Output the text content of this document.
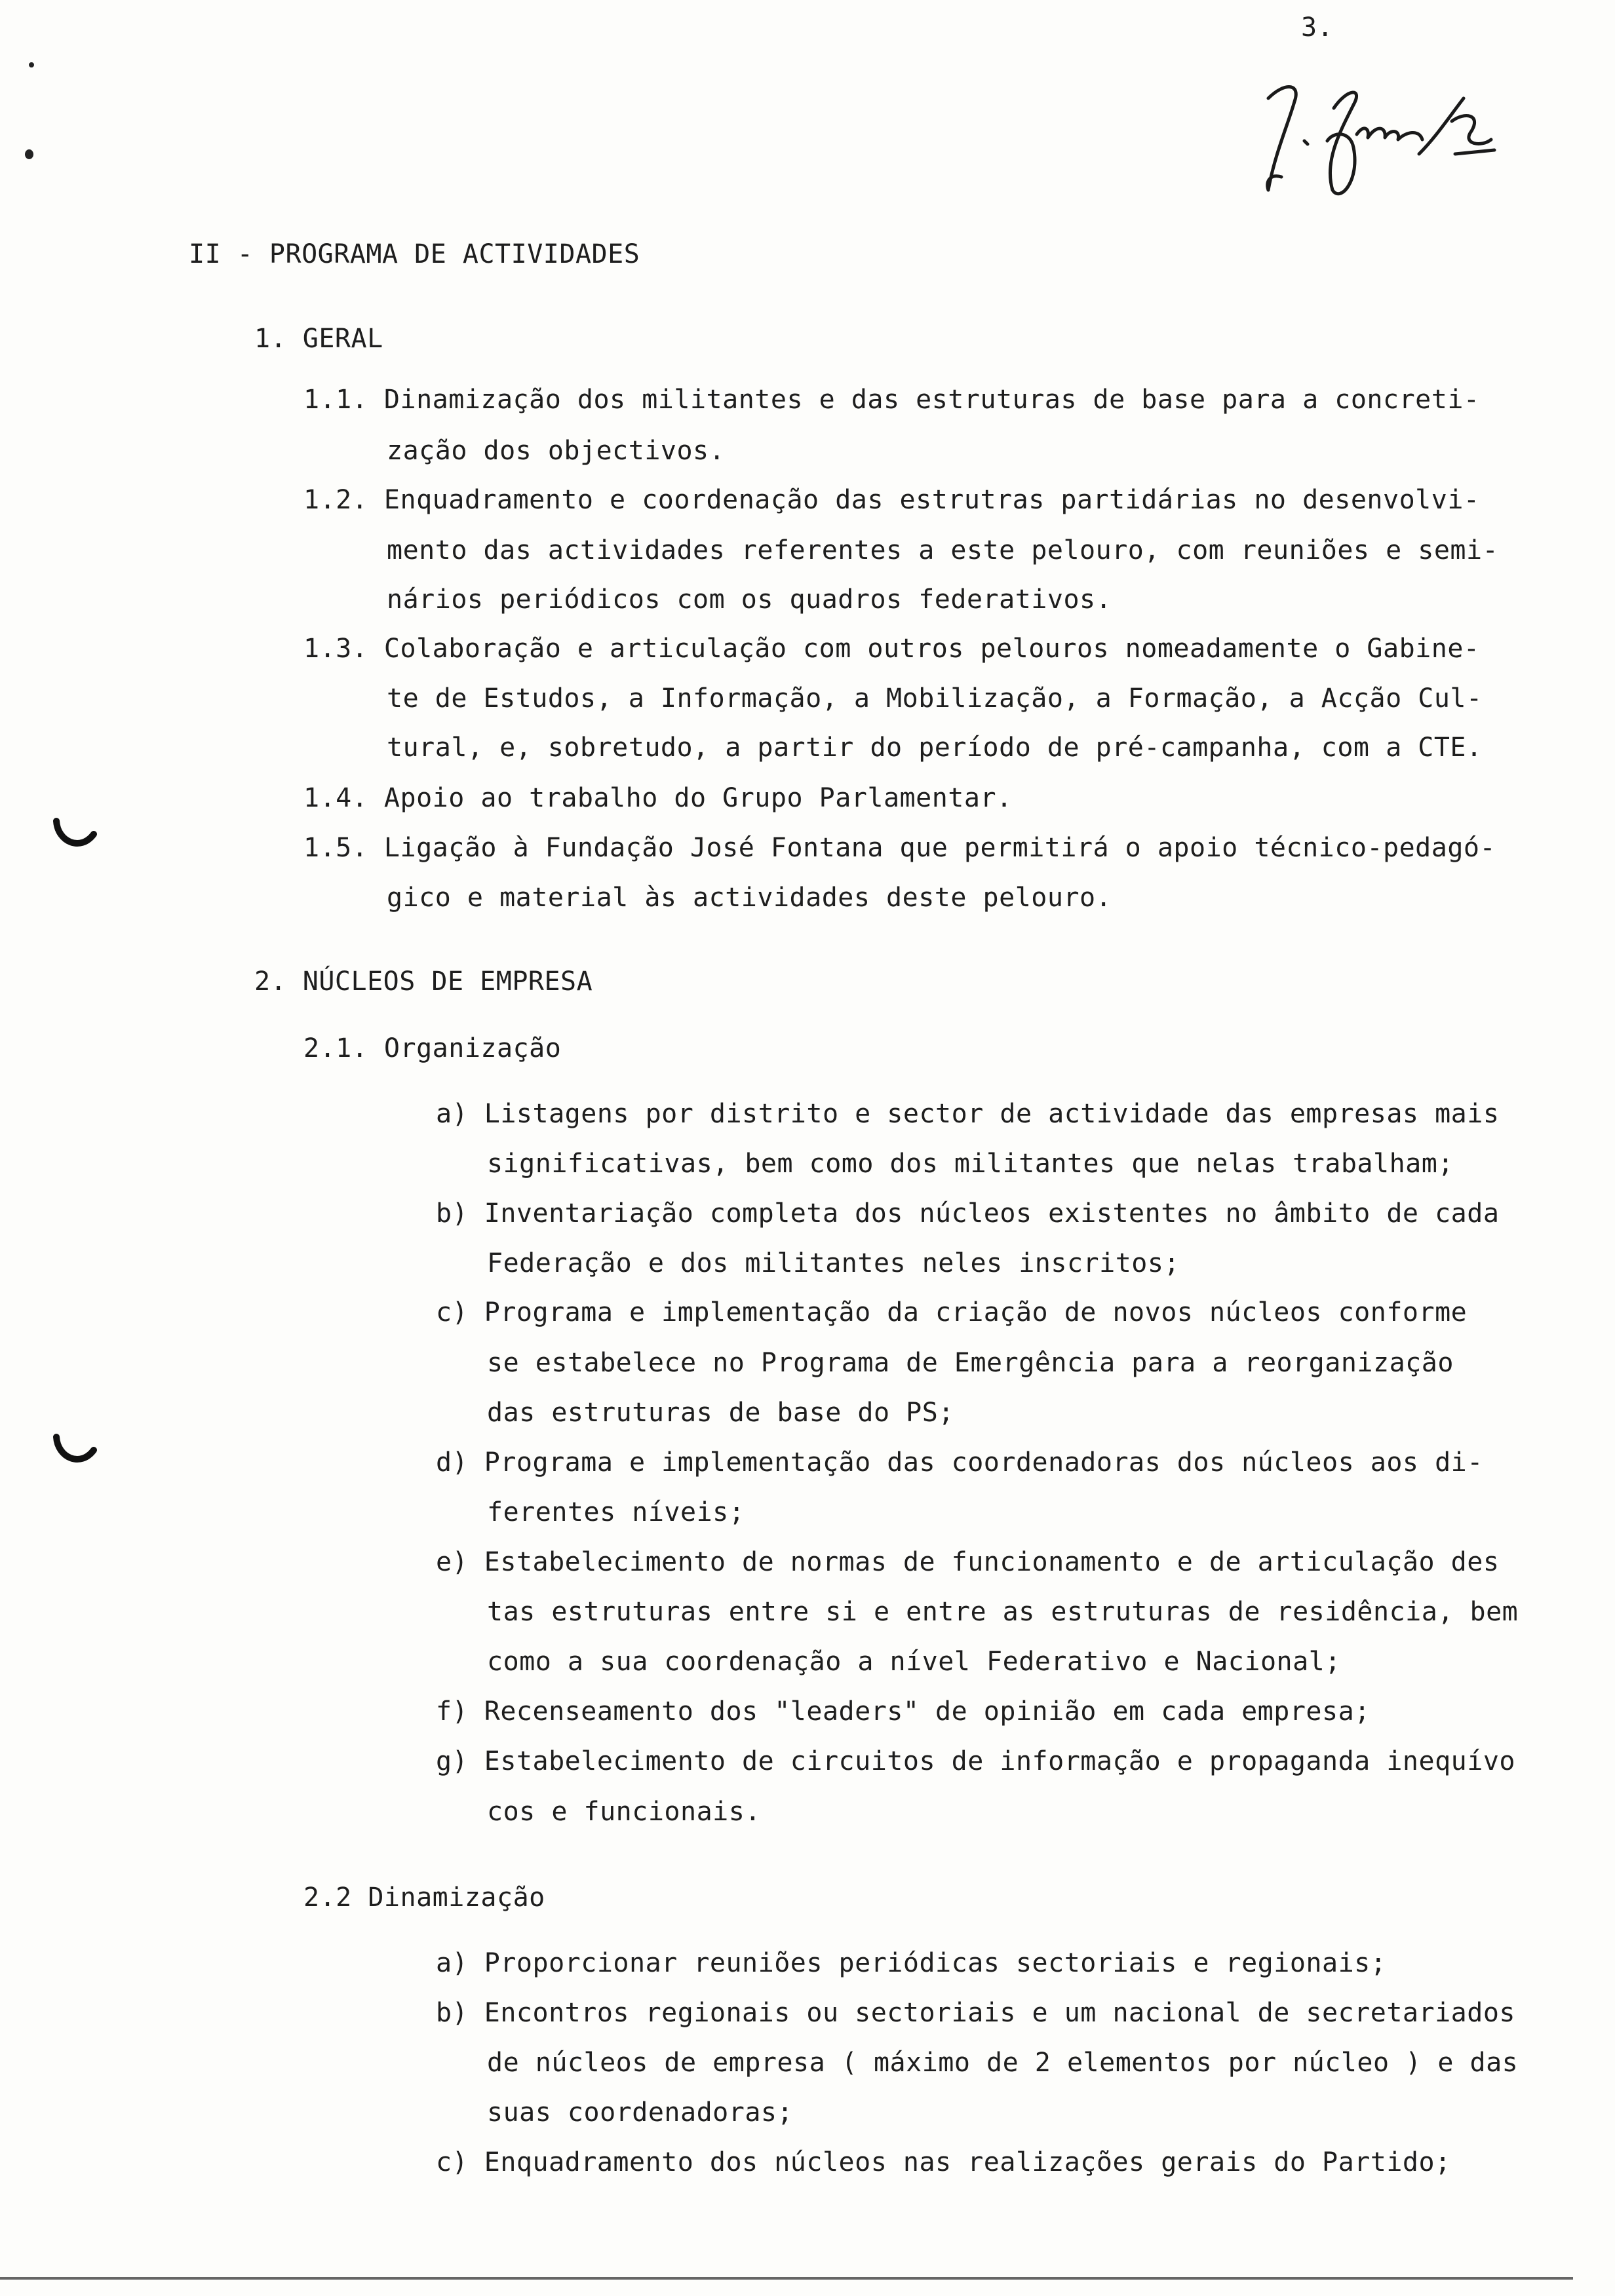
3.
II - PROGRAMA DE ACTIVIDADES
1. GERAL
1.1. Dinamização dos militantes e das estruturas de base para a concreti-
zação dos objectivos.
1.2. Enquadramento e coordenação das estrutras partidárias no desenvolvi-
mento das actividades referentes a este pelouro, com reuniões e semi-
nários periódicos com os quadros federativos.
1.3. Colaboração e articulação com outros pelouros nomeadamente o Gabine-
te de Estudos, a Informação, a Mobilização, a Formação, a Acção Cul-
tural, e, sobretudo, a partir do período de pré-campanha, com a CTE.
1.4. Apoio ao trabalho do Grupo Parlamentar.
1.5. Ligação à Fundação José Fontana que permitirá o apoio técnico-pedagó-
gico e material às actividades deste pelouro.
2. NÚCLEOS DE EMPRESA
2.1. Organização
a) Listagens por distrito e sector de actividade das empresas mais
significativas, bem como dos militantes que nelas trabalham;
b) Inventariação completa dos núcleos existentes no âmbito de cada
Federação e dos militantes neles inscritos;
c) Programa e implementação da criação de novos núcleos conforme
se estabelece no Programa de Emergência para a reorganização
das estruturas de base do PS;
d) Programa e implementação das coordenadoras dos núcleos aos di-
ferentes níveis;
e) Estabelecimento de normas de funcionamento e de articulação des
tas estruturas entre si e entre as estruturas de residência, bem
como a sua coordenação a nível Federativo e Nacional;
f) Recenseamento dos "leaders" de opinião em cada empresa;
g) Estabelecimento de circuitos de informação e propaganda inequívo
cos e funcionais.
2.2 Dinamização
a) Proporcionar reuniões periódicas sectoriais e regionais;
b) Encontros regionais ou sectoriais e um nacional de secretariados
de núcleos de empresa ( máximo de 2 elementos por núcleo ) e das
suas coordenadoras;
c) Enquadramento dos núcleos nas realizações gerais do Partido;
